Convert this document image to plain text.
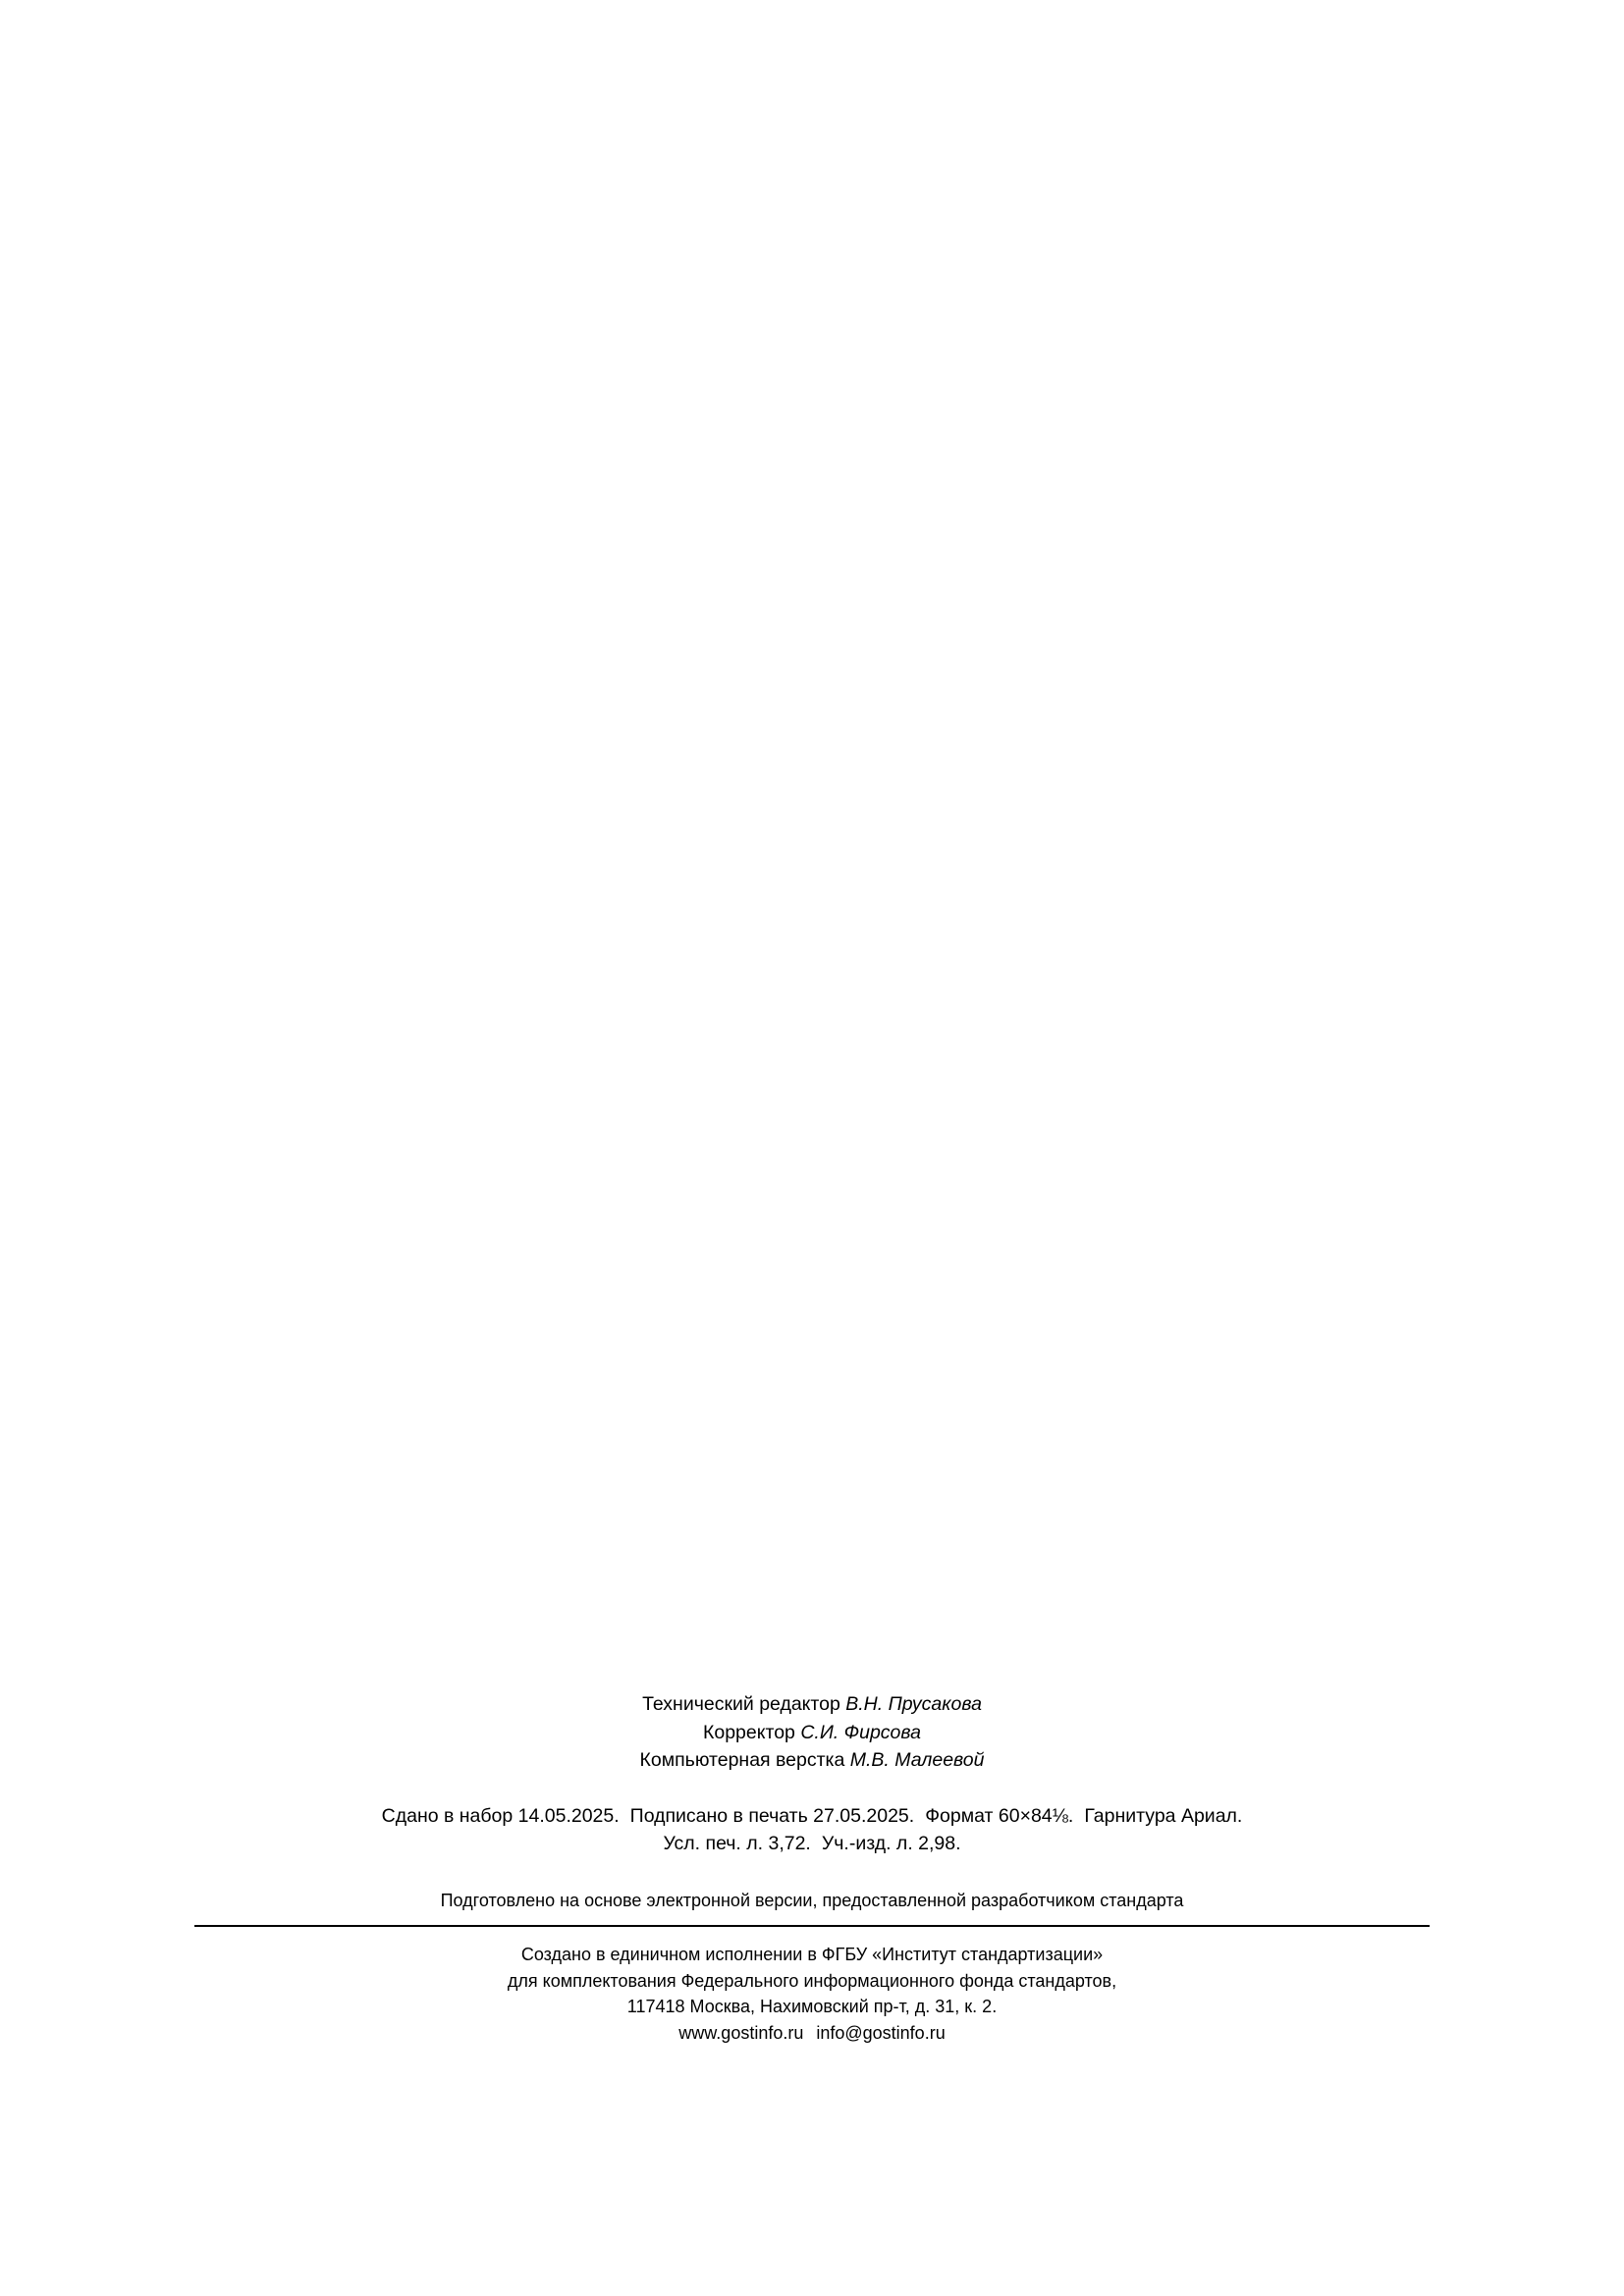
Технический редактор В.Н. Прусакова
Корректор С.И. Фирсова
Компьютерная верстка М.В. Малеевой
Сдано в набор 14.05.2025. Подписано в печать 27.05.2025. Формат 60×84⅛. Гарнитура Ариал.
Усл. печ. л. 3,72. Уч.-изд. л. 2,98.
Подготовлено на основе электронной версии, предоставленной разработчиком стандарта
Создано в единичном исполнении в ФГБУ «Институт стандартизации»
для комплектования Федерального информационного фонда стандартов,
117418 Москва, Нахимовский пр-т, д. 31, к. 2.
www.gostinfo.ru info@gostinfo.ru
